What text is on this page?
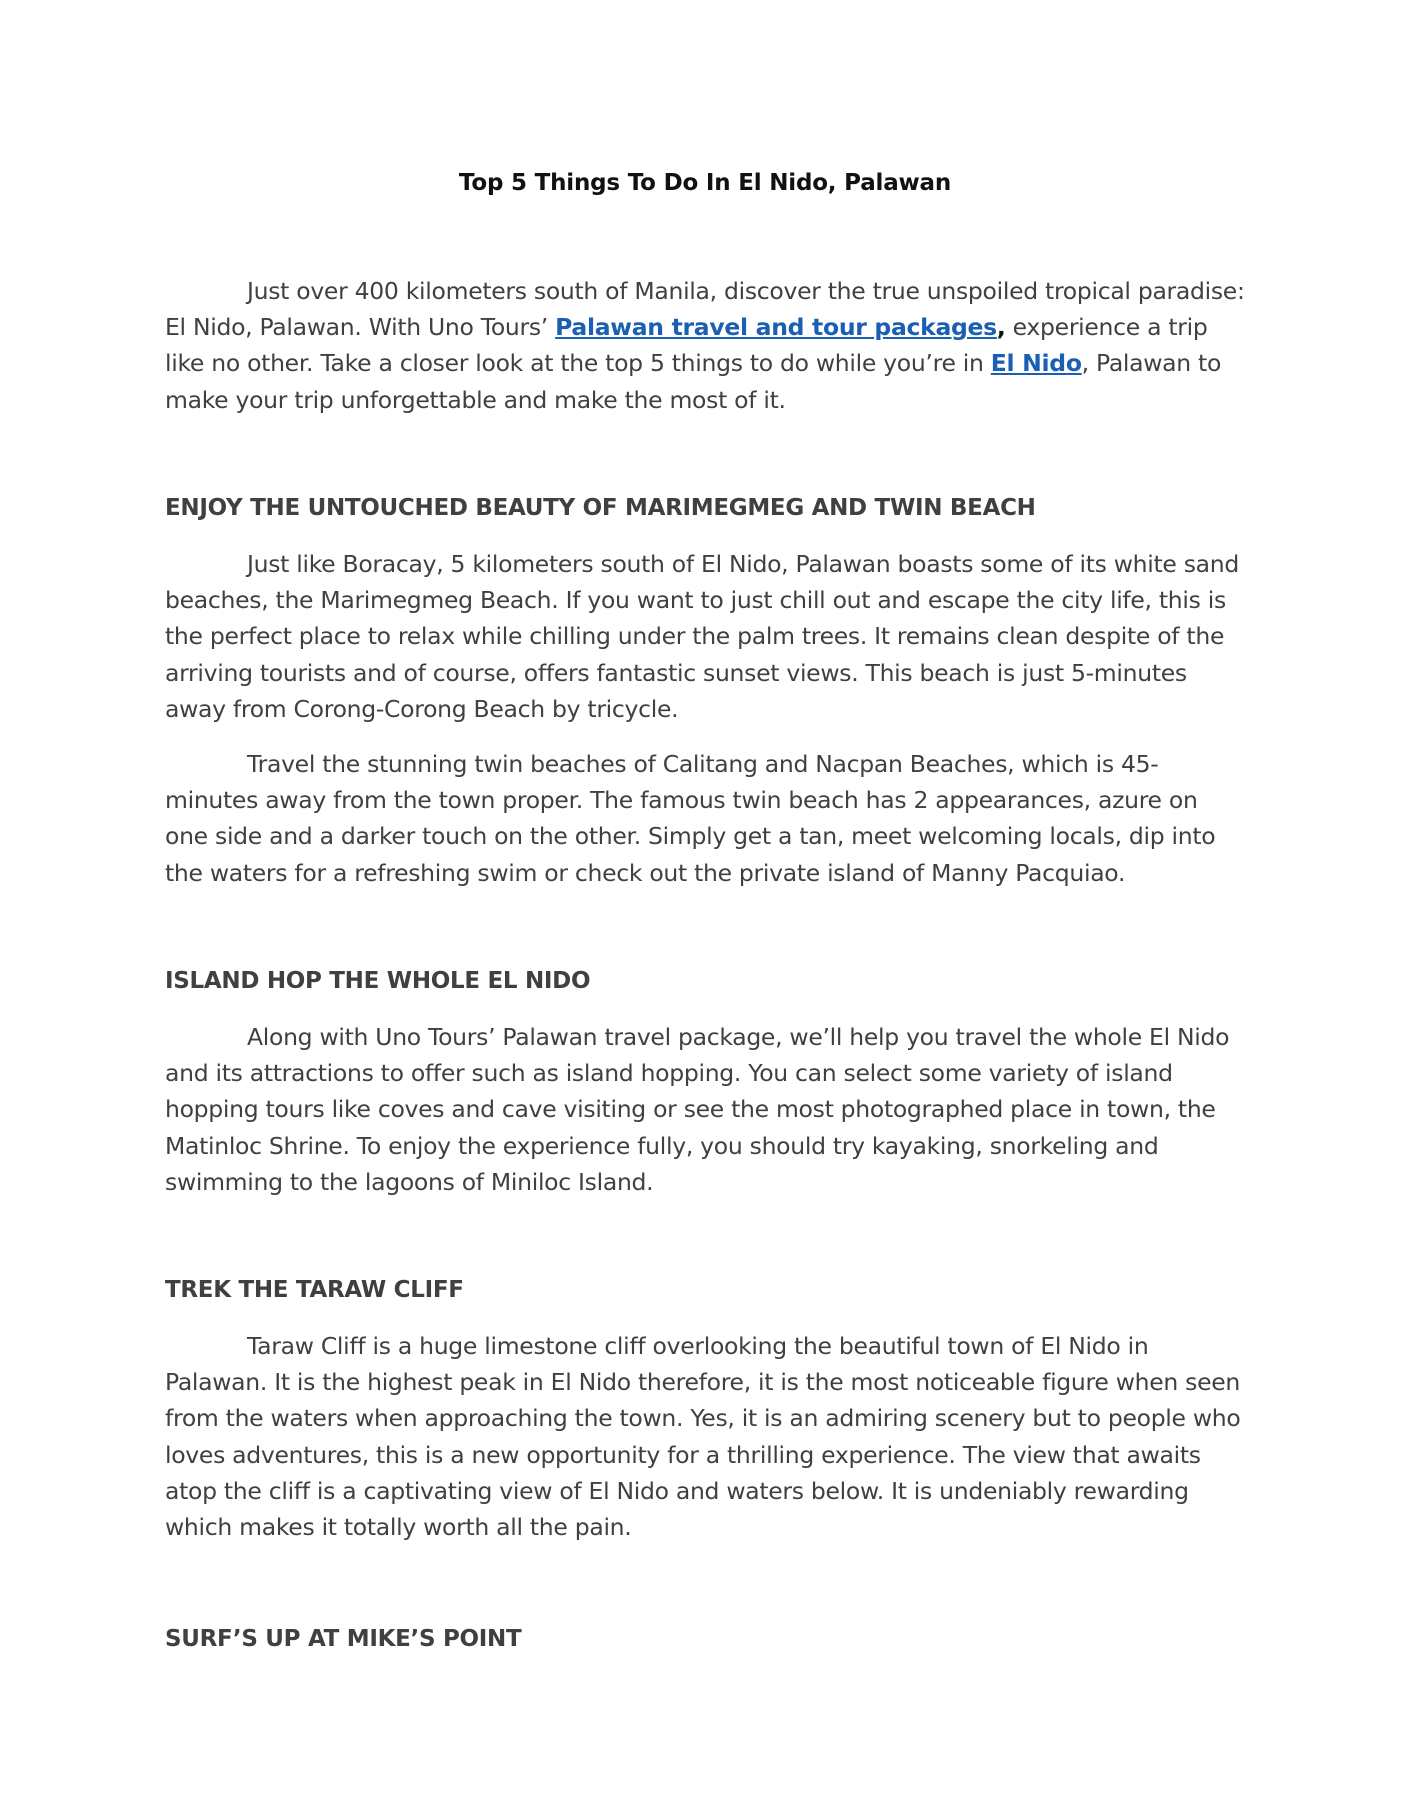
Top 5 Things To Do In El Nido, Palawan

Just over 400 kilometers south of Manila, discover the true unspoiled tropical paradise: El Nido, Palawan. With Uno Tours’ Palawan travel and tour packages, experience a trip like no other. Take a closer look at the top 5 things to do while you’re in El Nido, Palawan to make your trip unforgettable and make the most of it.

ENJOY THE UNTOUCHED BEAUTY OF MARIMEGMEG AND TWIN BEACH

Just like Boracay, 5 kilometers south of El Nido, Palawan boasts some of its white sand beaches, the Marimegmeg Beach. If you want to just chill out and escape the city life, this is the perfect place to relax while chilling under the palm trees. It remains clean despite of the arriving tourists and of course, offers fantastic sunset views. This beach is just 5-minutes away from Corong-Corong Beach by tricycle.

Travel the stunning twin beaches of Calitang and Nacpan Beaches, which is 45-minutes away from the town proper. The famous twin beach has 2 appearances, azure on one side and a darker touch on the other. Simply get a tan, meet welcoming locals, dip into the waters for a refreshing swim or check out the private island of Manny Pacquiao.

ISLAND HOP THE WHOLE EL NIDO

Along with Uno Tours’ Palawan travel package, we’ll help you travel the whole El Nido and its attractions to offer such as island hopping. You can select some variety of island hopping tours like coves and cave visiting or see the most photographed place in town, the Matinloc Shrine. To enjoy the experience fully, you should try kayaking, snorkeling and swimming to the lagoons of Miniloc Island.

TREK THE TARAW CLIFF

Taraw Cliff is a huge limestone cliff overlooking the beautiful town of El Nido in Palawan. It is the highest peak in El Nido therefore, it is the most noticeable figure when seen from the waters when approaching the town. Yes, it is an admiring scenery but to people who loves adventures, this is a new opportunity for a thrilling experience. The view that awaits atop the cliff is a captivating view of El Nido and waters below. It is undeniably rewarding which makes it totally worth all the pain.

SURF’S UP AT MIKE’S POINT
